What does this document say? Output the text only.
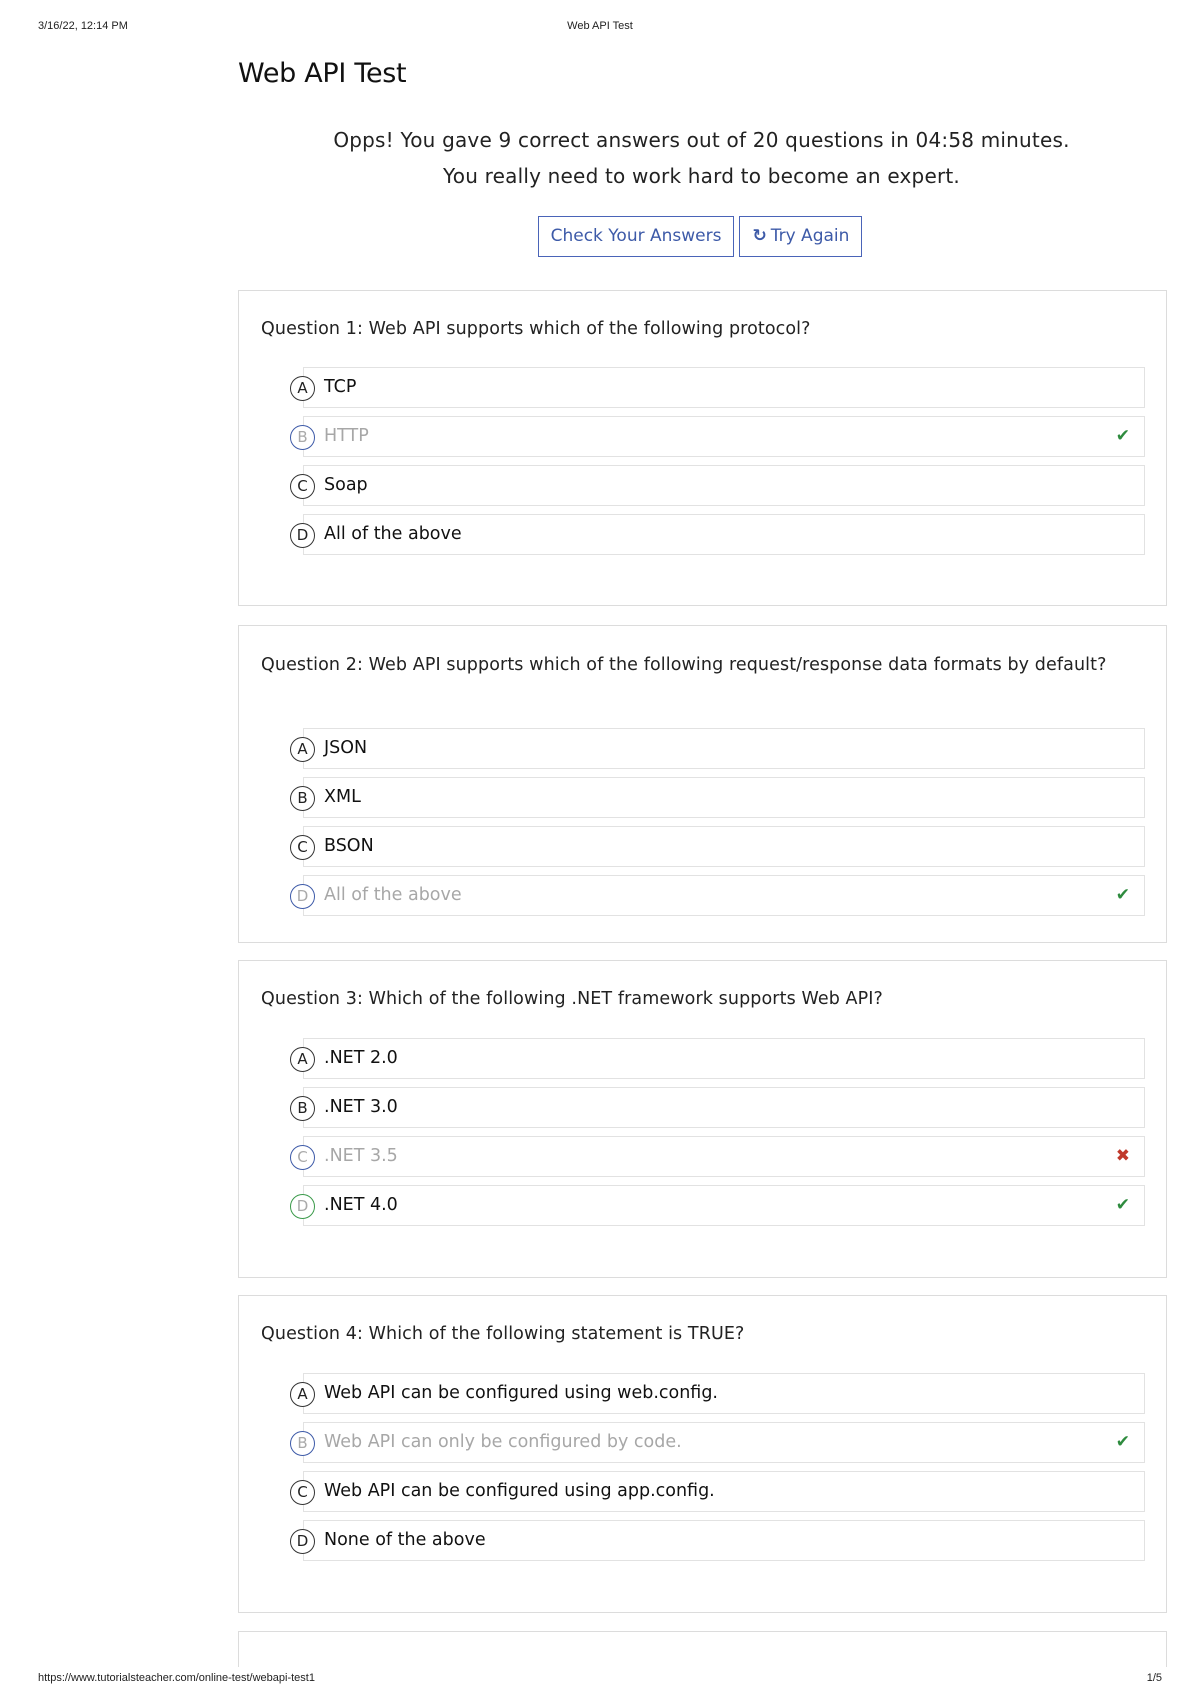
3/16/22, 12:14 PM	Web API Test
Web API Test
Opps! You gave 9 correct answers out of 20 questions in 04:58 minutes.
You really need to work hard to become an expert.
Check Your Answers ↻ Try Again
Question 1: Web API supports which of the following protocol?
A TCP
B HTTP	✔
C Soap
D All of the above
Question 2: Web API supports which of the following request/response data formats by default?
A JSON
B XML
C BSON
D All of the above	✔
Question 3: Which of the following .NET framework supports Web API?
A .NET 2.0
B .NET 3.0
C .NET 3.5	✖
D .NET 4.0	✔
Question 4: Which of the following statement is TRUE?
A Web API can be configured using web.config.
B Web API can only be configured by code.	✔
C Web API can be configured using app.config.
D None of the above
https://www.tutorialsteacher.com/online-test/webapi-test1	1/5
